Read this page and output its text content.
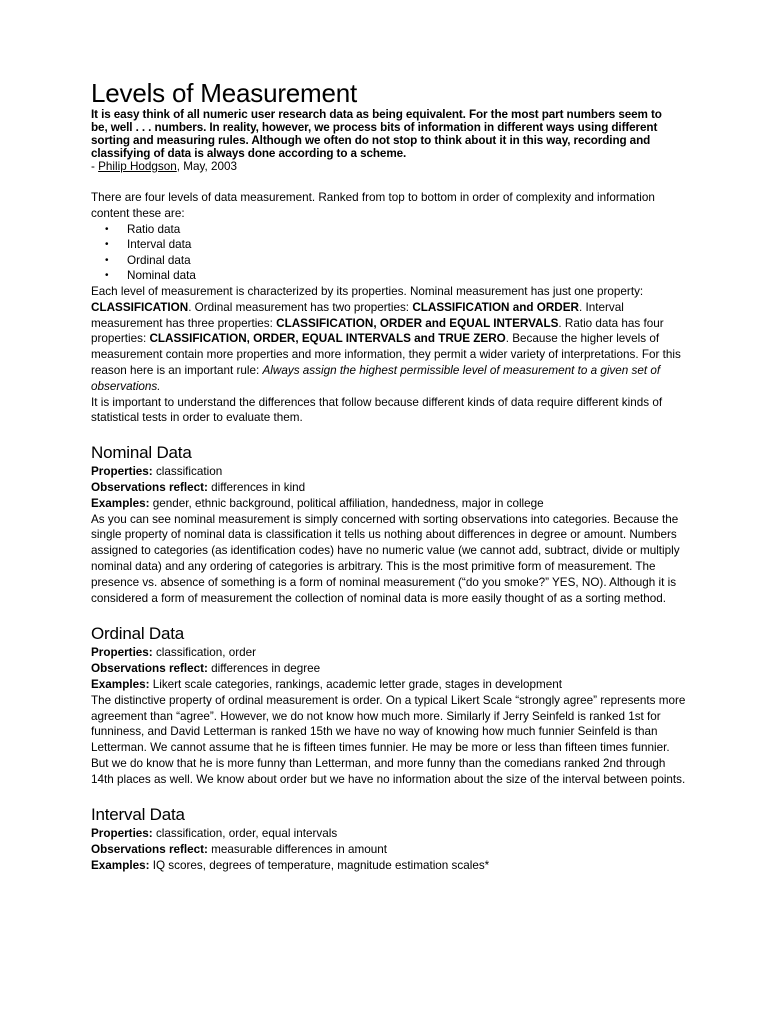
Levels of Measurement

It is easy think of all numeric user research data as being equivalent. For the most part numbers seem to be, well . . . numbers. In reality, however, we process bits of information in different ways using different sorting and measuring rules. Although we often do not stop to think about it in this way, recording and classifying of data is always done according to a scheme.

- Philip Hodgson, May, 2003

There are four levels of data measurement. Ranked from top to bottom in order of complexity and information content these are:

• Ratio data
• Interval data
• Ordinal data
• Nominal data

Each level of measurement is characterized by its properties. Nominal measurement has just one property: CLASSIFICATION. Ordinal measurement has two properties: CLASSIFICATION and ORDER. Interval measurement has three properties: CLASSIFICATION, ORDER and EQUAL INTERVALS. Ratio data has four properties: CLASSIFICATION, ORDER, EQUAL INTERVALS and TRUE ZERO. Because the higher levels of measurement contain more properties and more information, they permit a wider variety of interpretations. For this reason here is an important rule: Always assign the highest permissible level of measurement to a given set of observations.

It is important to understand the differences that follow because different kinds of data require different kinds of statistical tests in order to evaluate them.

Nominal Data

Properties: classification

Observations reflect: differences in kind

Examples: gender, ethnic background, political affiliation, handedness, major in college

As you can see nominal measurement is simply concerned with sorting observations into categories. Because the single property of nominal data is classification it tells us nothing about differences in degree or amount. Numbers assigned to categories (as identification codes) have no numeric value (we cannot add, subtract, divide or multiply nominal data) and any ordering of categories is arbitrary. This is the most primitive form of measurement. The presence vs. absence of something is a form of nominal measurement (“do you smoke?” YES, NO). Although it is considered a form of measurement the collection of nominal data is more easily thought of as a sorting method.

Ordinal Data

Properties: classification, order

Observations reflect: differences in degree

Examples: Likert scale categories, rankings, academic letter grade, stages in development

The distinctive property of ordinal measurement is order. On a typical Likert Scale “strongly agree” represents more agreement than “agree”. However, we do not know how much more. Similarly if Jerry Seinfeld is ranked 1st for funniness, and David Letterman is ranked 15th we have no way of knowing how much funnier Seinfeld is than Letterman. We cannot assume that he is fifteen times funnier. He may be more or less than fifteen times funnier. But we do know that he is more funny than Letterman, and more funny than the comedians ranked 2nd through 14th places as well. We know about order but we have no information about the size of the interval between points.

Interval Data

Properties: classification, order, equal intervals

Observations reflect: measurable differences in amount

Examples: IQ scores, degrees of temperature, magnitude estimation scales*
